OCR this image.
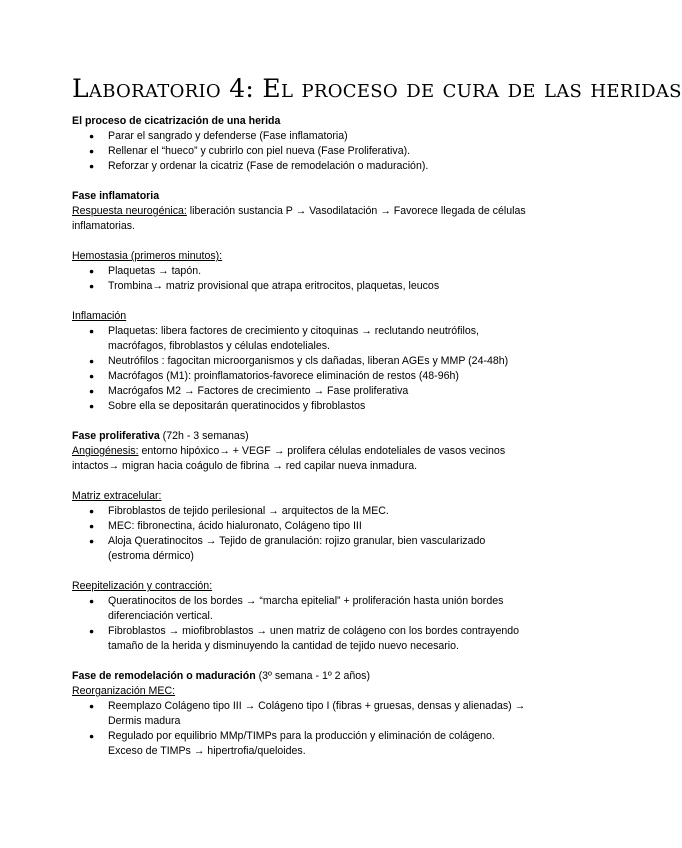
Laboratorio 4: El proceso de cura de las heridas
El proceso de cicatrización de una herida
● Parar el sangrado y defenderse (Fase inflamatoria)
● Rellenar el “hueco” y cubrirlo con piel nueva (Fase Proliferativa).
● Reforzar y ordenar la cicatriz (Fase de remodelación o maduración).
Fase inflamatoria
Respuesta neurogénica: liberación sustancia P → Vasodilatación → Favorece llegada de células inflamatorias.
Hemostasia (primeros minutos):
● Plaquetas → tapón.
● Trombina→ matriz provisional que atrapa eritrocitos, plaquetas, leucos
Inflamación
● Plaquetas: libera factores de crecimiento y citoquinas → reclutando neutrófilos, macrófagos, fibroblastos y células endoteliales.
● Neutrófilos : fagocitan microorganismos y cls dañadas, liberan AGEs y MMP (24-48h)
● Macrófagos (M1): proinflamatorios-favorece eliminación de restos (48-96h)
● Macrógafos M2 → Factores de crecimiento → Fase proliferativa
● Sobre ella se depositarán queratinocidos y fibroblastos
Fase proliferativa (72h - 3 semanas)
Angiogénesis: entorno hipóxico→ + VEGF → prolifera células endoteliales de vasos vecinos intactos→ migran hacia coágulo de fibrina → red capilar nueva inmadura.
Matriz extracelular:
● Fibroblastos de tejido perilesional → arquitectos de la MEC.
● MEC: fibronectina, ácido hialuronato, Colágeno tipo III
● Aloja Queratinocitos → Tejido de granulación: rojizo granular, bien vascularizado (estroma dérmico)
Reepitelización y contracción:
● Queratinocitos de los bordes → “marcha epitelial” + proliferación hasta unión bordes diferenciación vertical.
● Fibroblastos → miofibroblastos → unen matriz de colágeno con los bordes contrayendo tamaño de la herida y disminuyendo la cantidad de tejido nuevo necesario.
Fase de remodelación o maduración (3º semana - 1º 2 años)
Reorganización MEC:
● Reemplazo Colágeno tipo III → Colágeno tipo I (fibras + gruesas, densas y alienadas) → Dermis madura
● Regulado por equilibrio MMp/TIMPs para la producción y eliminación de colágeno. Exceso de TIMPs → hipertrofia/queloides.
